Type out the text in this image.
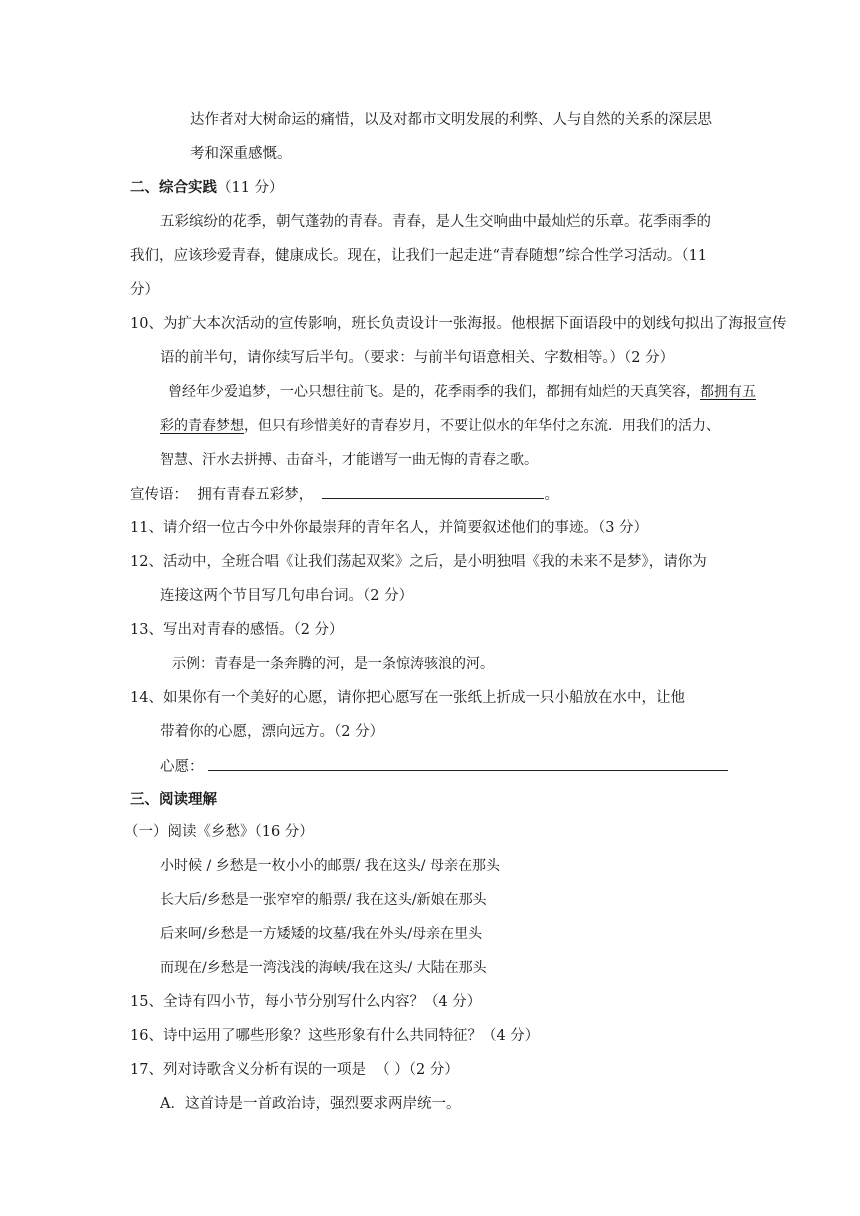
达作者对大树命运的痛惜，以及对都市文明发展的利弊、人与自然的关系的深层思
考和深重感慨。
二、综合实践（11 分）
五彩缤纷的花季，朝气蓬勃的青春。青春，是人生交响曲中最灿烂的乐章。花季雨季的
我们，应该珍爱青春，健康成长。现在，让我们一起走进“青春随想”综合性学习活动。（11
分）
10、为扩大本次活动的宣传影响，班长负责设计一张海报。他根据下面语段中的划线句拟出了海报宣传
语的前半句，请你续写后半句。（要求：与前半句语意相关、字数相等。）（2 分）
曾经年少爱追梦，一心只想往前飞。是的，花季雨季的我们，都拥有灿烂的天真笑容，都拥有五
彩的青春梦想，但只有珍惜美好的青春岁月，不要让似水的年华付之东流．用我们的活力、
智慧、汗水去拼搏、击奋斗，才能谱写一曲无悔的青春之歌。
宣传语： 拥有青春五彩梦，	。
11、请介绍一位古今中外你最崇拜的青年名人，并简要叙述他们的事迹。（3 分）
12、活动中，全班合唱《让我们荡起双桨》之后，是小明独唱《我的未来不是梦》，请你为
连接这两个节目写几句串台词。（2 分）
13、写出对青春的感悟。（2 分）
示例：青春是一条奔腾的河，是一条惊涛骇浪的河。
14、如果你有一个美好的心愿，请你把心愿写在一张纸上折成一只小船放在水中，让他
带着你的心愿，漂向远方。（2 分）
心愿：
三、阅读理解
（一）阅读《乡愁》（16 分）
小时候 / 乡愁是一枚小小的邮票/ 我在这头/ 母亲在那头
长大后/乡愁是一张窄窄的船票/ 我在这头/新娘在那头
后来呵/乡愁是一方矮矮的坟墓/我在外头/母亲在里头
而现在/乡愁是一湾浅浅的海峡/我在这头/ 大陆在那头
15、全诗有四小节，每小节分别写什么内容？（4 分）
16、诗中运用了哪些形象？这些形象有什么共同特征？（4 分）
17、列对诗歌含义分析有误的一项是 （ ）（2 分）
A．这首诗是一首政治诗，强烈要求两岸统一。
